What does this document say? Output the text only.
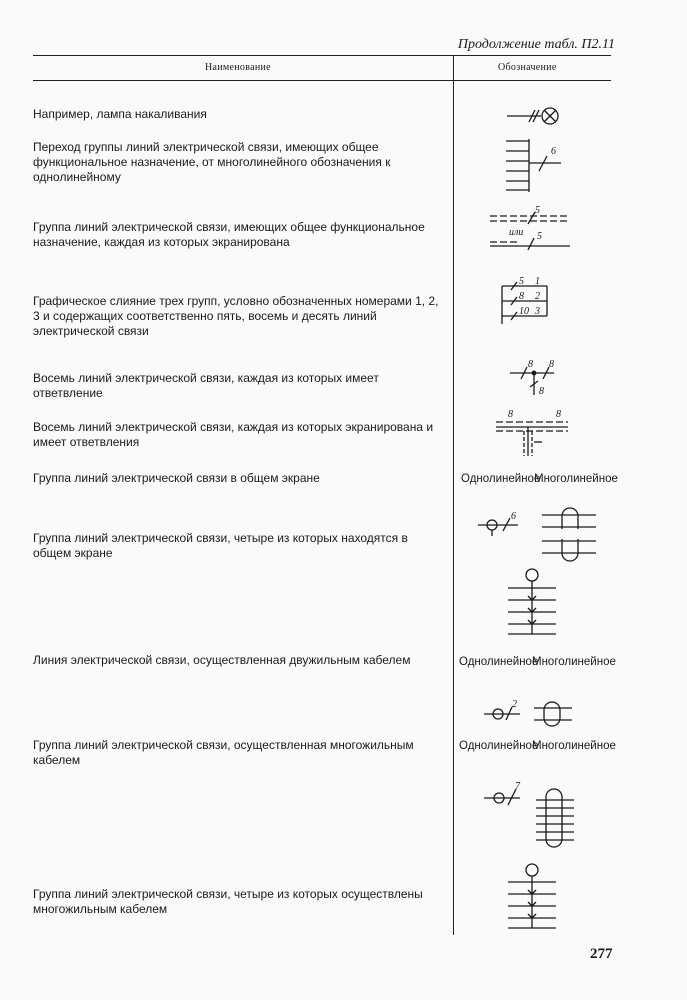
Продолжение табл. П2.11
Наименование	Обозначение
Например, лампа накаливания
Переход группы линий электрической связи, имеющих общее функциональное назначение, от многолинейного обозначения к однолинейному
Группа линий электрической связи, имеющих общее функциональное назначение, каждая из которых экранирована
Графическое слияние трех групп, условно обозначенных номерами 1, 2, 3 и содержащих соответственно пять, восемь и десять линий электрической связи
Восемь линий электрической связи, каждая из которых имеет ответвление
Восемь линий электрической связи, каждая из которых экранирована и имеет ответвления
Группа линий электрической связи в общем экране
Группа линий электрической связи, четыре из которых находятся в общем экране
Линия электрической связи, осуществленная двужильным кабелем
Группа линий электрической связи, осуществленная многожильным кабелем
Группа линий электрической связи, четыре из которых осуществлены многожильным кабелем
Однолинейное
Многолинейное
Однолинейное
Многолинейное
Однолинейное
Многолинейное
6
5
или 5
5 1
8 2
10 3
8 8
8
8	8
6
2
7
277
